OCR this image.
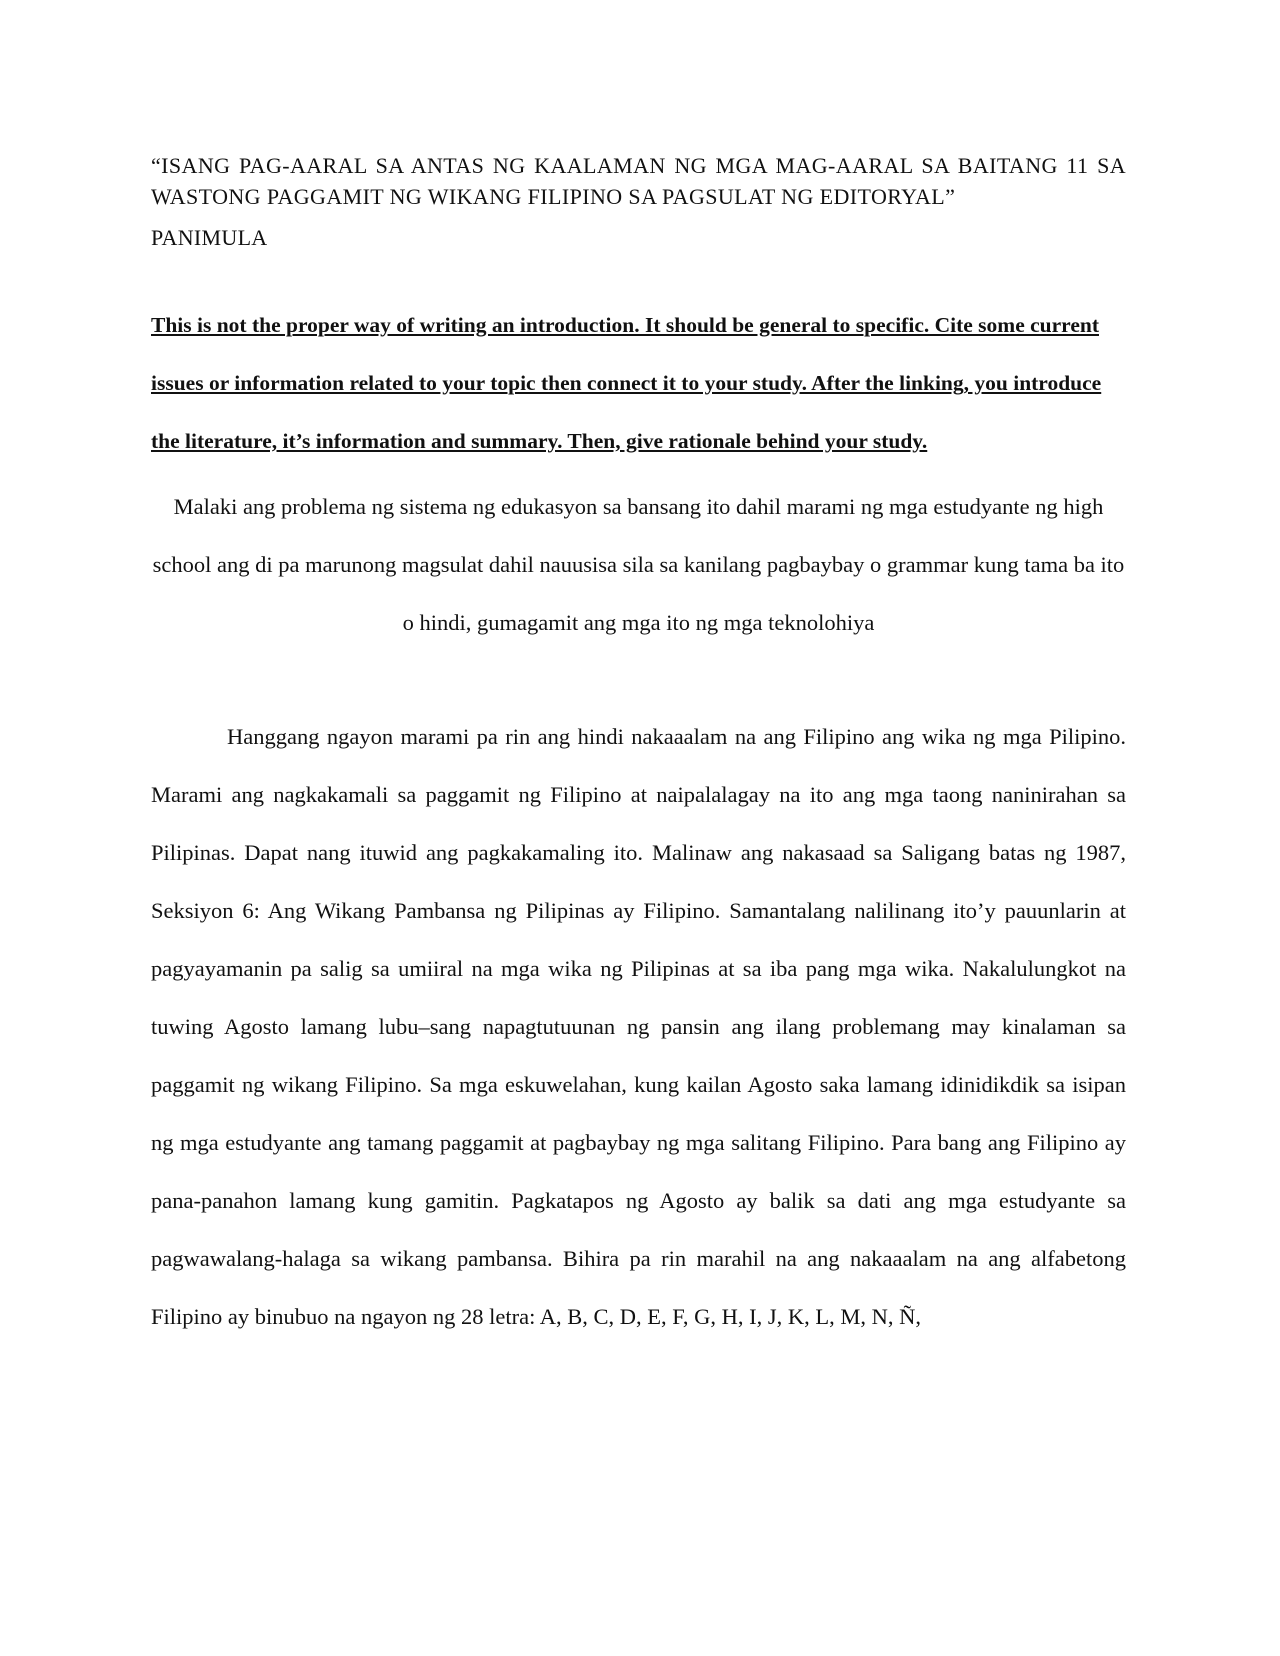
“ISANG PAG-AARAL SA ANTAS NG KAALAMAN NG MGA MAG-AARAL SA BAITANG 11 SA WASTONG PAGGAMIT NG WIKANG FILIPINO SA PAGSULAT NG EDITORYAL”

PANIMULA

This is not the proper way of writing an introduction. It should be general to specific. Cite some current issues or information related to your topic then connect it to your study. After the linking, you introduce the literature, it’s information and summary. Then, give rationale behind your study.

Malaki ang problema ng sistema ng edukasyon sa bansang ito dahil marami ng mga estudyante ng high school ang di pa marunong magsulat dahil nauusisa sila sa kanilang pagbaybay o grammar kung tama ba ito o hindi, gumagamit ang mga ito ng mga teknolohiya

Hanggang ngayon marami pa rin ang hindi nakaaalam na ang Filipino ang wika ng mga Pilipino. Marami ang nagkakamali sa paggamit ng Filipino at naipalalagay na ito ang mga taong naninirahan sa Pilipinas. Dapat nang ituwid ang pagkakamaling ito. Malinaw ang nakasaad sa Saligang batas ng 1987, Seksiyon 6: Ang Wikang Pambansa ng Pilipinas ay Filipino. Samantalang nalilinang ito’y pauunlarin at pagyayamanin pa salig sa umiiral na mga wika ng Pilipinas at sa iba pang mga wika. Nakalulungkot na tuwing Agosto lamang lubu–sang napagtutuunan ng pansin ang ilang problemang may kinalaman sa paggamit ng wikang Filipino. Sa mga eskuwelahan, kung kailan Agosto saka lamang idinidikdik sa isipan ng mga estudyante ang tamang paggamit at pagbaybay ng mga salitang Filipino. Para bang ang Filipino ay pana-panahon lamang kung gamitin. Pagkatapos ng Agosto ay balik sa dati ang mga estudyante sa pagwawalang-halaga sa wikang pambansa. Bihira pa rin marahil na ang nakaaalam na ang alfabetong Filipino ay binubuo na ngayon ng 28 letra: A, B, C, D, E, F, G, H, I, J, K, L, M, N, Ñ,
